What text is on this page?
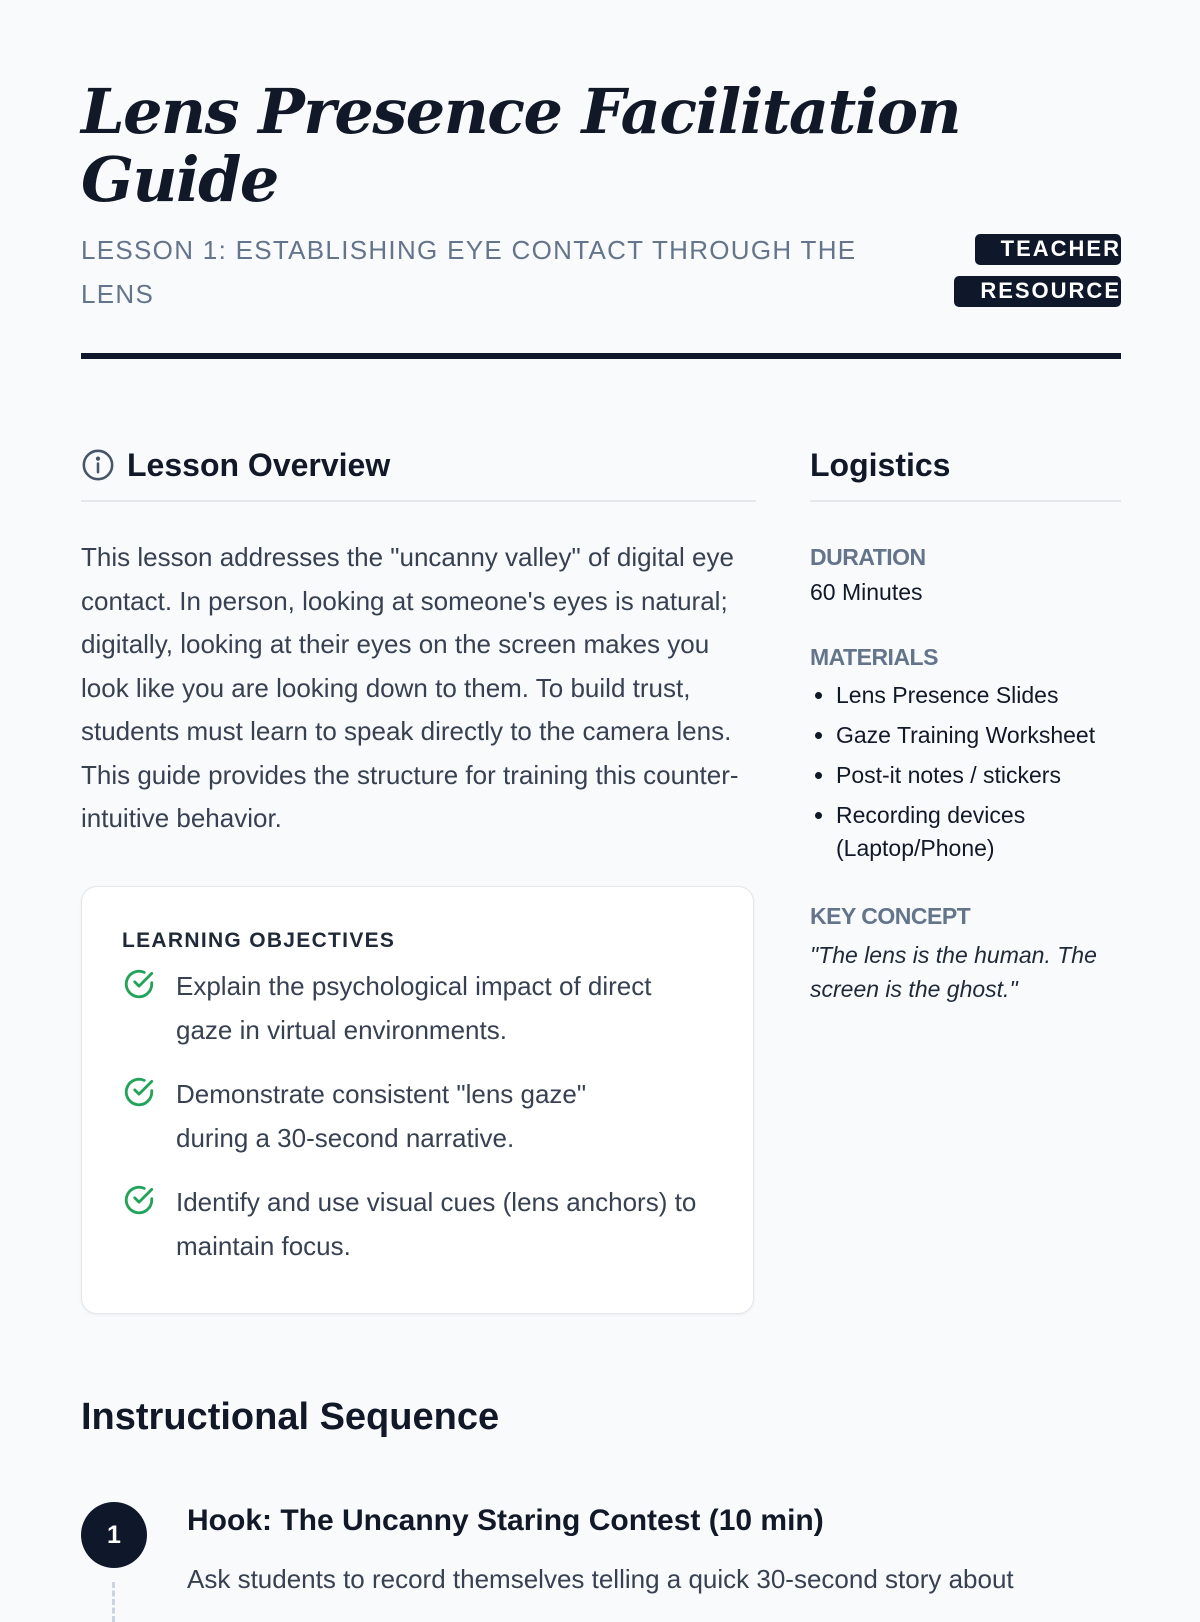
Lens Presence Facilitation Guide
LESSON 1: ESTABLISHING EYE CONTACT THROUGH THE LENS
TEACHER RESOURCE
Lesson Overview

This lesson addresses the "uncanny valley" of digital eye contact. In person, looking at someone's eyes is natural; digitally, looking at their eyes on the screen makes you look like you are looking down to them. To build trust, students must learn to speak directly to the camera lens. This guide provides the structure for training this counter-intuitive behavior.

LEARNING OBJECTIVES
Explain the psychological impact of direct gaze in virtual environments.
Demonstrate consistent "lens gaze" during a 30-second narrative.
Identify and use visual cues (lens anchors) to maintain focus.
Logistics
DURATION
60 Minutes
MATERIALS
• Lens Presence Slides
• Gaze Training Worksheet
• Post-it notes / stickers
• Recording devices (Laptop/Phone)
KEY CONCEPT
"The lens is the human. The screen is the ghost."
Instructional Sequence
1	Hook: The Uncanny Staring Contest (10 min)

Ask students to record themselves telling a quick 30-second story about
